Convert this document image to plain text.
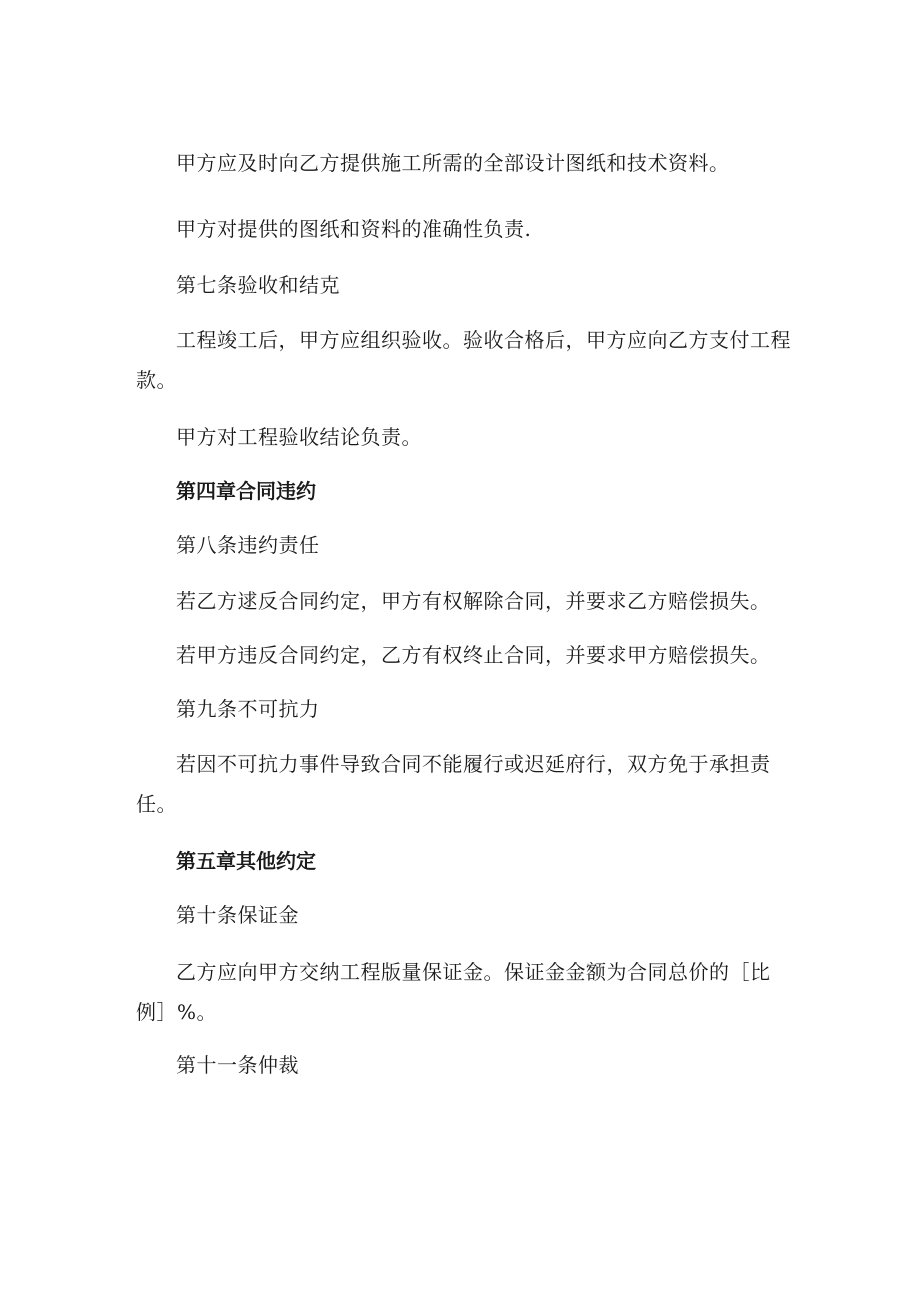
甲方应及时向乙方提供施工所需的全部设计图纸和技术资料。
甲方对提供的图纸和资料的准确性负责.
第七条验收和结克
工程竣工后，甲方应组织验收。验收合格后，甲方应向乙方支付工程款。
甲方对工程验收结论负责。
第四章合同违约
第八条违约责任
若乙方逑反合同约定，甲方有权解除合同，并要求乙方赔偿损失。
若甲方违反合同约定，乙方有权终止合同，并要求甲方赔偿损失。
第九条不可抗力
若因不可抗力事件导致合同不能履行或迟延府行，双方免于承担责任。
第五章其他约定
第十条保证金
乙方应向甲方交纳工程版量保证金。保证金金额为合同总价的［比例］%。
第十一条仲裁
